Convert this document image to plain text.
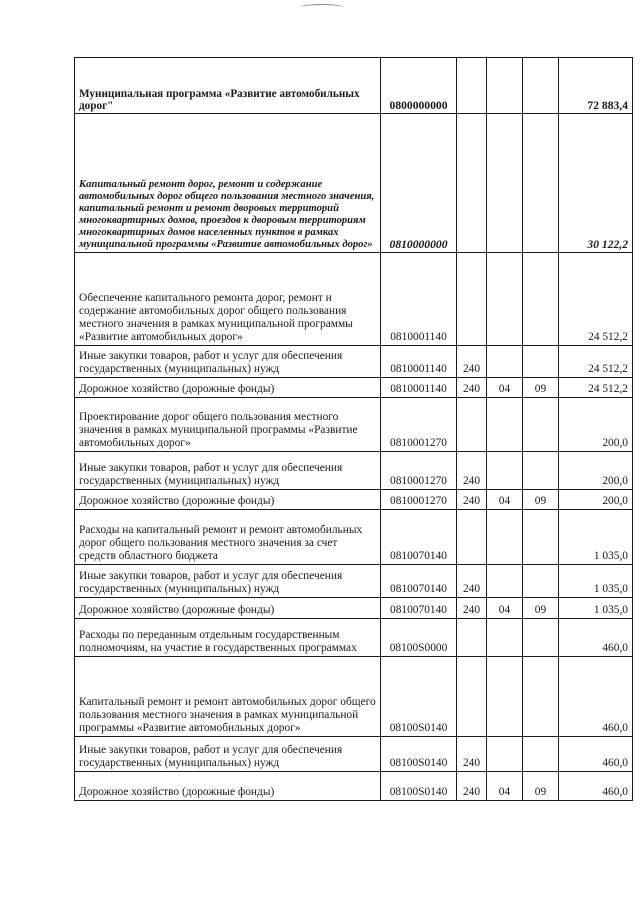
Муниципальная программа «Развитие автомобильных дорог"	0800000000				72 883,4
Капитальный ремонт дорог, ремонт и содержание автомобильных дорог общего пользования местного значения, капитальный ремонт и ремонт дворовых территорий многоквартирных домов, проездов к дворовым территориям многоквартирных домов населенных пунктов в рамках муниципальной программы «Развитие автомобильных дорог»	0810000000				30 122,2
Обеспечение капитального ремонта дорог, ремонт и содержание автомобильных дорог общего пользования местного значения в рамках муниципальной программы «Развитие автомобильных дорог»	0810001140				24 512,2
Иные закупки товаров, работ и услуг для обеспечения государственных (муниципальных) нужд	0810001140	240			24 512,2
Дорожное хозяйство (дорожные фонды)	0810001140	240	04	09	24 512,2
Проектирование дорог общего пользования местного значения в рамках муниципальной программы «Развитие автомобильных дорог»	0810001270				200,0
Иные закупки товаров, работ и услуг для обеспечения государственных (муниципальных) нужд	0810001270	240			200,0
Дорожное хозяйство (дорожные фонды)	0810001270	240	04	09	200,0
Расходы на капитальный ремонт и ремонт автомобильных дорог общего пользования местного значения за счет средств областного бюджета	0810070140				1 035,0
Иные закупки товаров, работ и услуг для обеспечения государственных (муниципальных) нужд	0810070140	240			1 035,0
Дорожное хозяйство (дорожные фонды)	0810070140	240	04	09	1 035,0
Расходы по переданным отдельным государственным полномочиям, на участие в государственных программах	08100S0000				460,0
Капитальный ремонт и ремонт автомобильных дорог общего пользования местного значения в рамках муниципальной программы «Развитие автомобильных дорог»	08100S0140				460,0
Иные закупки товаров, работ и услуг для обеспечения государственных (муниципальных) нужд	08100S0140	240			460,0
Дорожное хозяйство (дорожные фонды)	08100S0140	240	04	09	460,0
